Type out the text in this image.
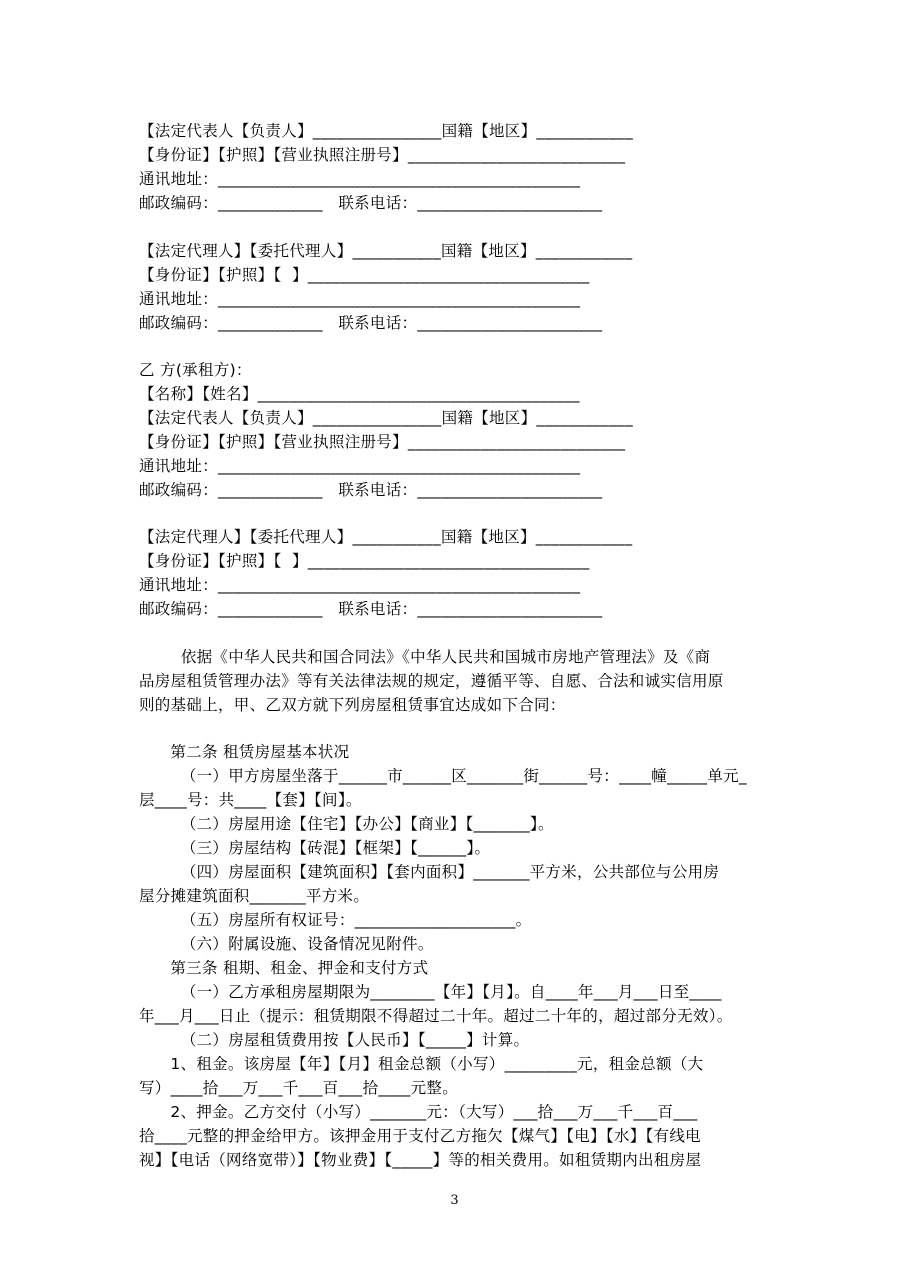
【法定代表人【负责人】________________国籍【地区】____________
【身份证】【护照】【营业执照注册号】___________________________
通讯地址：_____________________________________________
邮政编码：_____________   联系电话：_______________________
【法定代理人】【委托代理人】___________国籍【地区】____________
【身份证】【护照】【  】___________________________________
通讯地址：_____________________________________________
邮政编码：_____________   联系电话：_______________________
乙 方(承租方)：
【名称】【姓名】________________________________________
【法定代表人【负责人】________________国籍【地区】____________
【身份证】【护照】【营业执照注册号】___________________________
通讯地址：_____________________________________________
邮政编码：_____________   联系电话：_______________________
【法定代理人】【委托代理人】___________国籍【地区】____________
【身份证】【护照】【  】___________________________________
通讯地址：_____________________________________________
邮政编码：_____________   联系电话：_______________________
依据《中华人民共和国合同法》《中华人民共和国城市房地产管理法》及《商
品房屋租赁管理办法》等有关法律法规的规定，遵循平等、自愿、合法和诚实信用原
则的基础上，甲、乙双方就下列房屋租赁事宜达成如下合同：
第二条 租赁房屋基本状况
（一）甲方房屋坐落于______市______区_______街______号：____幢_____单元_
层____号：共____【套】【间】。
（二）房屋用途【住宅】【办公】【商业】【_______】。
（三）房屋结构【砖混】【框架】【______】。
（四）房屋面积【建筑面积】【套内面积】_______平方米，公共部位与公用房
屋分摊建筑面积_______平方米。
（五）房屋所有权证号：____________________。
（六）附属设施、设备情况见附件。
第三条 租期、租金、押金和支付方式
（一）乙方承租房屋期限为________【年】【月】。自____年___月___日至____
年___月___日止（提示：租赁期限不得超过二十年。超过二十年的，超过部分无效）。
（二）房屋租赁费用按【人民币】【_____】计算。
1、租金。该房屋【年】【月】租金总额（小写）_________元，租金总额（大
写）____拾___万___千___百___拾____元整。
2、押金。乙方交付（小写）_______元：（大写）___拾___万___千___百___
拾____元整的押金给甲方。该押金用于支付乙方拖欠【煤气】【电】【水】【有线电
视】【电话（网络宽带）】【物业费】【_____】等的相关费用。如租赁期内出租房屋
3
